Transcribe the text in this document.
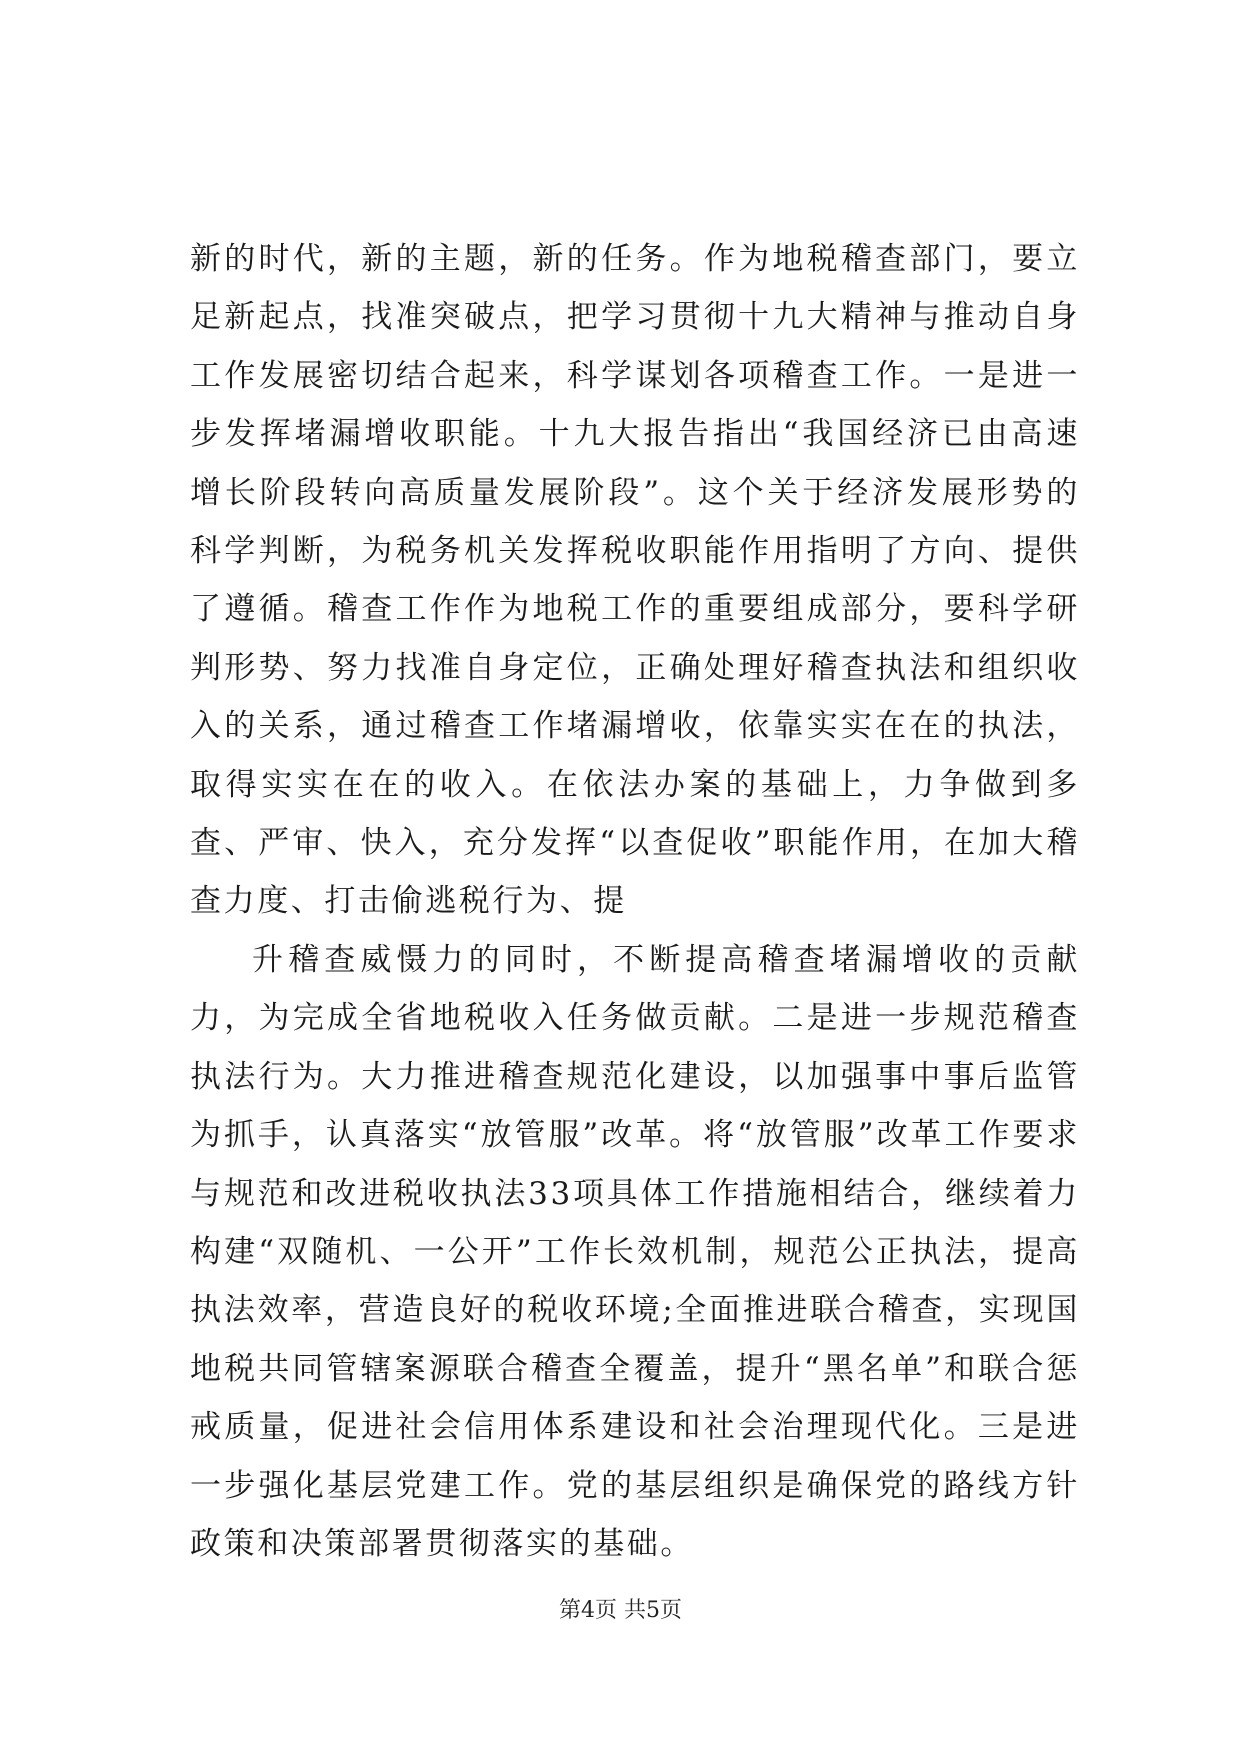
新的时代，新的主题，新的任务。作为地税稽查部门，要立足新起点，找准突破点，把学习贯彻十九大精神与推动自身工作发展密切结合起来，科学谋划各项稽查工作。一是进一步发挥堵漏增收职能。十九大报告指出“我国经济已由高速增长阶段转向高质量发展阶段”。这个关于经济发展形势的科学判断，为税务机关发挥税收职能作用指明了方向、提供了遵循。稽查工作作为地税工作的重要组成部分，要科学研判形势、努力找准自身定位，正确处理好稽查执法和组织收入的关系，通过稽查工作堵漏增收，依靠实实在在的执法，取得实实在在的收入。在依法办案的基础上，力争做到多查、严审、快入，充分发挥“以查促收”职能作用，在加大稽查力度、打击偷逃税行为、提

升稽查威慑力的同时，不断提高稽查堵漏增收的贡献力，为完成全省地税收入任务做贡献。二是进一步规范稽查执法行为。大力推进稽查规范化建设，以加强事中事后监管为抓手，认真落实“放管服”改革。将“放管服”改革工作要求与规范和改进税收执法33项具体工作措施相结合，继续着力构建“双随机、一公开”工作长效机制，规范公正执法，提高执法效率，营造良好的税收环境;全面推进联合稽查，实现国地税共同管辖案源联合稽查全覆盖，提升“黑名单”和联合惩戒质量，促进社会信用体系建设和社会治理现代化。三是进一步强化基层党建工作。党的基层组织是确保党的路线方针政策和决策部署贯彻落实的基础。

第4页 共5页
